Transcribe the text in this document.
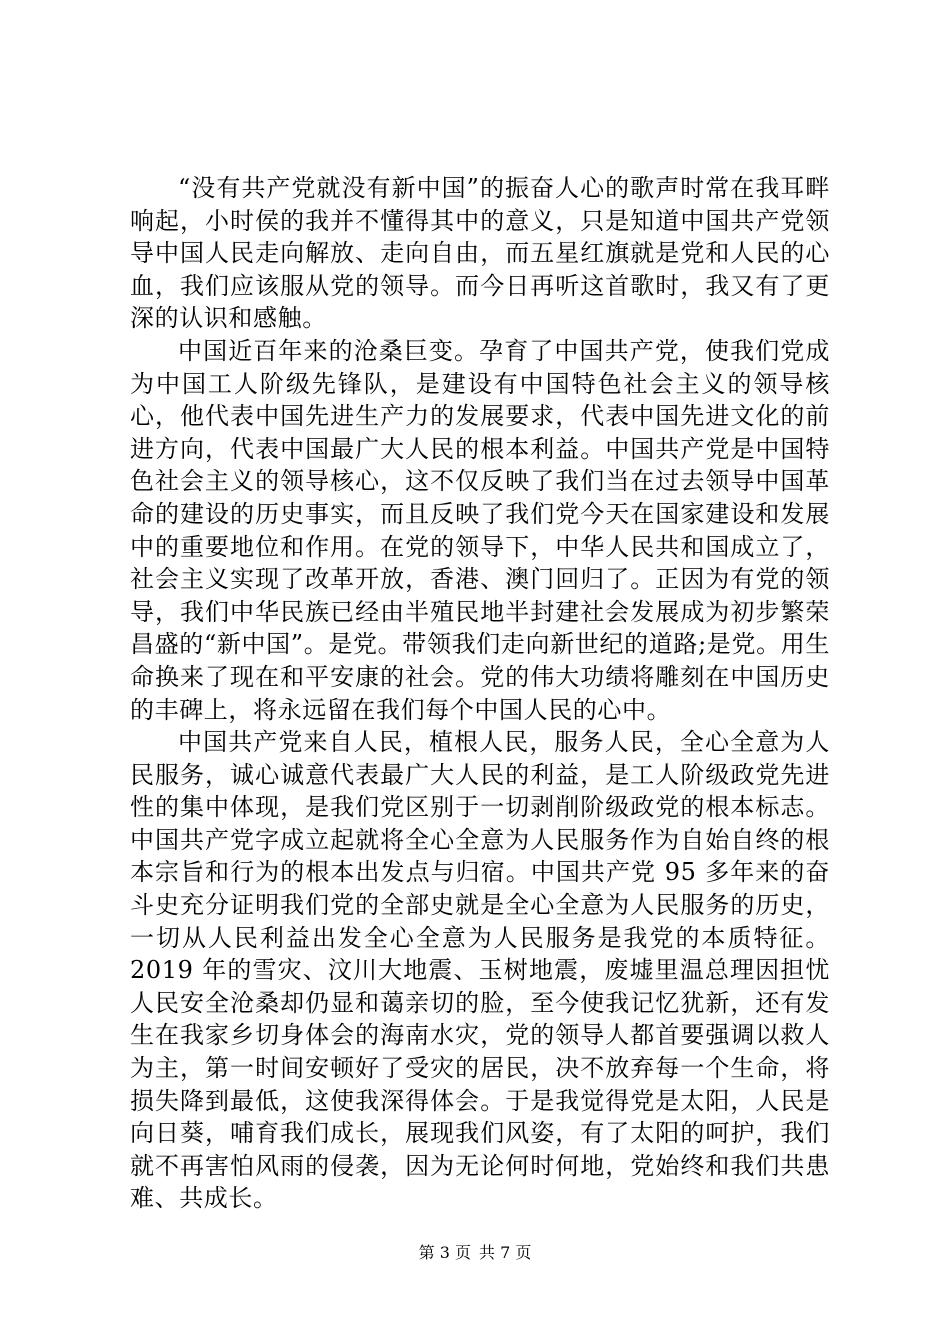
“没有共产党就没有新中国”的振奋人心的歌声时常在我耳畔响起，小时侯的我并不懂得其中的意义，只是知道中国共产党领导中国人民走向解放、走向自由，而五星红旗就是党和人民的心血，我们应该服从党的领导。而今日再听这首歌时，我又有了更深的认识和感触。

中国近百年来的沧桑巨变。孕育了中国共产党，使我们党成为中国工人阶级先锋队，是建设有中国特色社会主义的领导核心，他代表中国先进生产力的发展要求，代表中国先进文化的前进方向，代表中国最广大人民的根本利益。中国共产党是中国特色社会主义的领导核心，这不仅反映了我们当在过去领导中国革命的建设的历史事实，而且反映了我们党今天在国家建设和发展中的重要地位和作用。在党的领导下，中华人民共和国成立了，社会主义实现了改革开放，香港、澳门回归了。正因为有党的领导，我们中华民族已经由半殖民地半封建社会发展成为初步繁荣昌盛的“新中国”。是党。带领我们走向新世纪的道路;是党。用生命换来了现在和平安康的社会。党的伟大功绩将雕刻在中国历史的丰碑上，将永远留在我们每个中国人民的心中。

中国共产党来自人民，植根人民，服务人民，全心全意为人民服务，诚心诚意代表最广大人民的利益，是工人阶级政党先进性的集中体现，是我们党区别于一切剥削阶级政党的根本标志。中国共产党字成立起就将全心全意为人民服务作为自始自终的根本宗旨和行为的根本出发点与归宿。中国共产党 95 多年来的奋斗史充分证明我们党的全部史就是全心全意为人民服务的历史，一切从人民利益出发全心全意为人民服务是我党的本质特征。2019 年的雪灾、汶川大地震、玉树地震，废墟里温总理因担忧人民安全沧桑却仍显和蔼亲切的脸，至今使我记忆犹新，还有发生在我家乡切身体会的海南水灾，党的领导人都首要强调以救人为主，第一时间安顿好了受灾的居民，决不放弃每一个生命，将损失降到最低，这使我深得体会。于是我觉得党是太阳，人民是向日葵，哺育我们成长，展现我们风姿，有了太阳的呵护，我们就不再害怕风雨的侵袭，因为无论何时何地，党始终和我们共患难、共成长。

第 3 页 共 7 页
